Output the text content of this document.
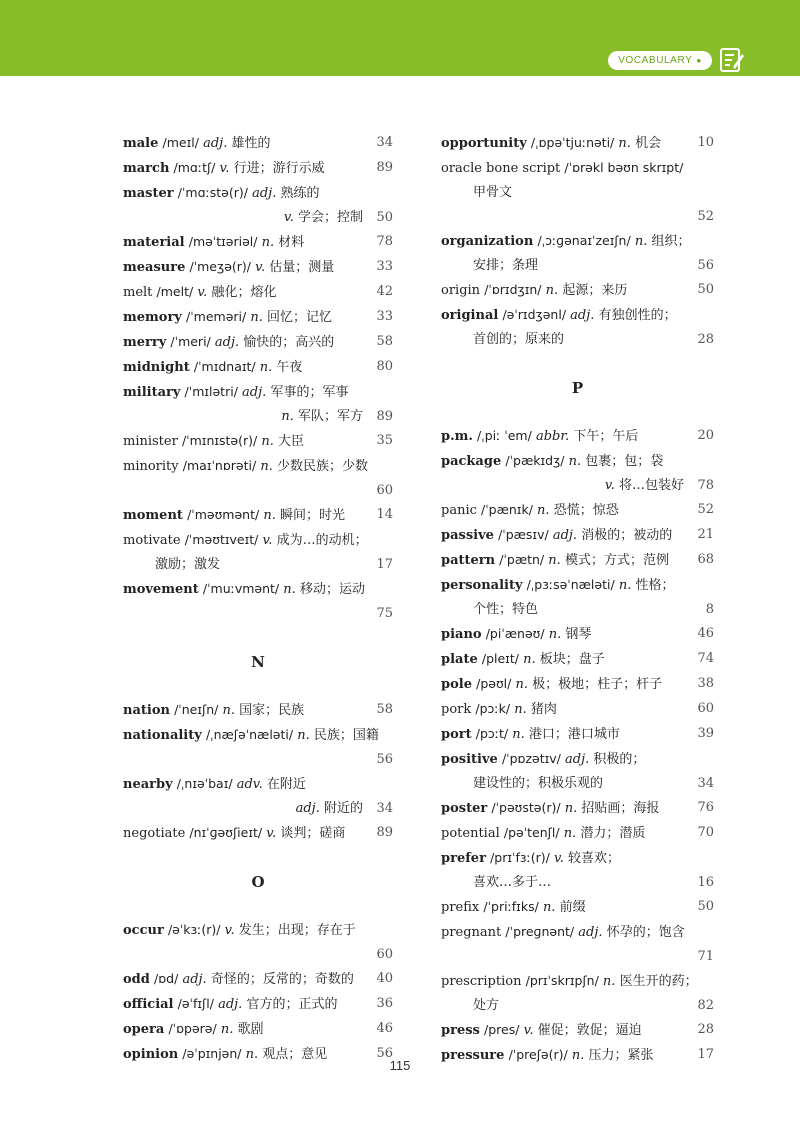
VOCABULARY ●
male /meɪl/ adj. 雄性的	34
march /mɑːtʃ/ v. 行进；游行示威	89
master /ˈmɑːstə(r)/ adj. 熟练的
v. 学会；控制 50
material /məˈtɪəriəl/ n. 材料	78
measure /ˈmeʒə(r)/ v. 估量；测量	33
melt /melt/ v. 融化；熔化	42
memory /ˈmeməri/ n. 回忆；记忆	33
merry /ˈmeri/ adj. 愉快的；高兴的	58
midnight /ˈmɪdnaɪt/ n. 午夜	80
military /ˈmɪlətri/ adj. 军事的；军事
n. 军队；军方 89
minister /ˈmɪnɪstə(r)/ n. 大臣	35
minority /maɪˈnɒrəti/ n. 少数民族；少数
60
moment /ˈməʊmənt/ n. 瞬间；时光 14
motivate /ˈməʊtɪveɪt/ v. 成为…的动机；
激励；激发	17
movement /ˈmuːvmənt/ n. 移动；运动
75
N
nation /ˈneɪʃn/ n. 国家；民族	58
nationality /ˌnæʃəˈnæləti/ n. 民族；国籍
56
nearby /ˌnɪəˈbaɪ/ adv. 在附近
adj. 附近的 34
negotiate /nɪˈɡəʊʃieɪt/ v. 谈判；磋商 89
O
occur /əˈkɜː(r)/ v. 发生；出现；存在于
60
odd /ɒd/ adj. 奇怪的；反常的；奇数的 40
official /əˈfɪʃl/ adj. 官方的；正式的	36
opera /ˈɒpərə/ n. 歌剧	46
opinion /əˈpɪnjən/ n. 观点；意见	56
opportunity /ˌɒpəˈtjuːnəti/ n. 机会	10
oracle bone script /ˈɒrəkl bəʊn skrɪpt/
甲骨文
52
organization /ˌɔːɡənaɪˈzeɪʃn/ n. 组织；
安排；条理	56
origin /ˈɒrɪdʒɪn/ n. 起源；来历	50
original /əˈrɪdʒənl/ adj. 有独创性的；
首创的；原来的	28
P
p.m. /ˌpiː ˈem/ abbr. 下午；午后	20
package /ˈpækɪdʒ/ n. 包裹；包；袋
v. 将…包装好 78
panic /ˈpænɪk/ n. 恐慌；惊恐	52
passive /ˈpæsɪv/ adj. 消极的；被动的 21
pattern /ˈpætn/ n. 模式；方式；范例 68
personality /ˌpɜːsəˈnæləti/ n. 性格；
个性；特色	8
piano /piˈænəʊ/ n. 钢琴	46
plate /pleɪt/ n. 板块；盘子	74
pole /pəʊl/ n. 极；极地；柱子；杆子	38
pork /pɔːk/ n. 猪肉	60
port /pɔːt/ n. 港口；港口城市	39
positive /ˈpɒzətɪv/ adj. 积极的；
建设性的；积极乐观的	34
poster /ˈpəʊstə(r)/ n. 招贴画；海报	76
potential /pəˈtenʃl/ n. 潜力；潜质	70
prefer /prɪˈfɜː(r)/ v. 较喜欢；
喜欢…多于…	16
prefix /ˈpriːfɪks/ n. 前缀	50
pregnant /ˈpreɡnənt/ adj. 怀孕的；饱含
71
prescription /prɪˈskrɪpʃn/ n. 医生开的药；
处方	82
press /pres/ v. 催促；敦促；逼迫	28
pressure /ˈpreʃə(r)/ n. 压力；紧张	17
115
